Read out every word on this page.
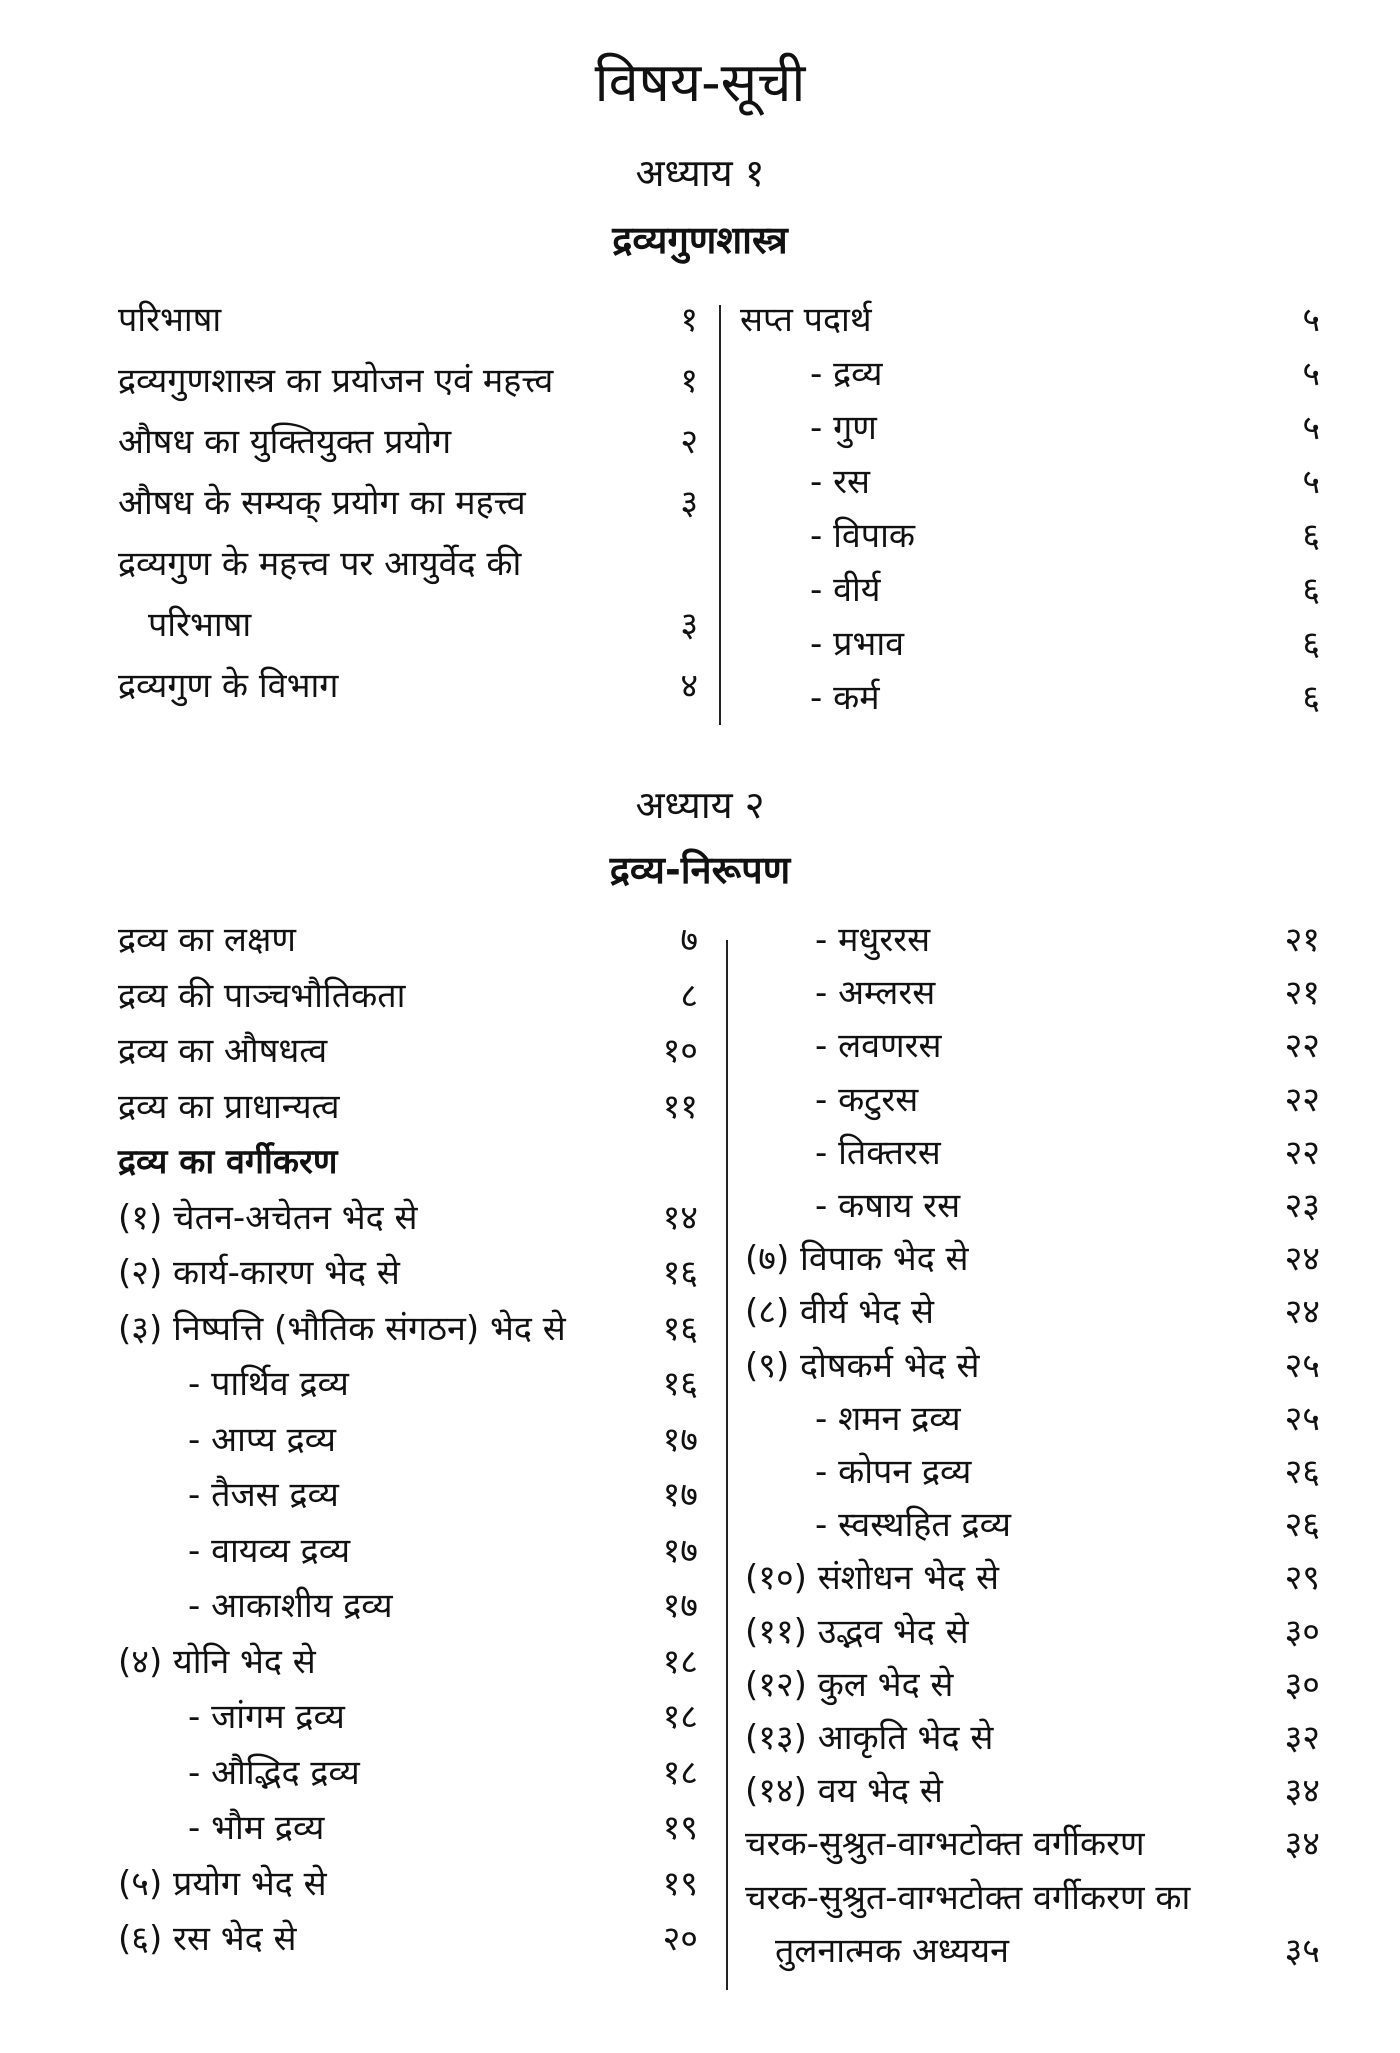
विषय-सूची
अध्याय १
द्रव्यगुणशास्त्र
परिभाषा	१
द्रव्यगुणशास्त्र का प्रयोजन एवं महत्त्व	१
औषध का युक्तियुक्त प्रयोग	२
औषध के सम्यक् प्रयोग का महत्त्व	३
द्रव्यगुण के महत्त्व पर आयुर्वेद की
परिभाषा	३
द्रव्यगुण के विभाग	४
सप्त पदार्थ	५
- द्रव्य	५
- गुण	५
- रस	५
- विपाक	६
- वीर्य	६
- प्रभाव	६
- कर्म	६
अध्याय २
द्रव्य-निरूपण
द्रव्य का लक्षण	७
द्रव्य की पाञ्चभौतिकता	८
द्रव्य का औषधत्व	१०
द्रव्य का प्राधान्यत्व	११
द्रव्य का वर्गीकरण
(१) चेतन-अचेतन भेद से	१४
(२) कार्य-कारण भेद से	१६
(३) निष्पत्ति (भौतिक संगठन) भेद से	१६
- पार्थिव द्रव्य	१६
- आप्य द्रव्य	१७
- तैजस द्रव्य	१७
- वायव्य द्रव्य	१७
- आकाशीय द्रव्य	१७
(४) योनि भेद से	१८
- जांगम द्रव्य	१८
- औद्भिद द्रव्य	१८
- भौम द्रव्य	१९
(५) प्रयोग भेद से	१९
(६) रस भेद से	२०
- मधुररस	२१
- अम्लरस	२१
- लवणरस	२२
- कटुरस	२२
- तिक्तरस	२२
- कषाय रस	२३
(७) विपाक भेद से	२४
(८) वीर्य भेद से	२४
(९) दोषकर्म भेद से	२५
- शमन द्रव्य	२५
- कोपन द्रव्य	२६
- स्वस्थहित द्रव्य	२६
(१०) संशोधन भेद से	२९
(११) उद्भव भेद से	३०
(१२) कुल भेद से	३०
(१३) आकृति भेद से	३२
(१४) वय भेद से	३४
चरक-सुश्रुत-वाग्भटोक्त वर्गीकरण	३४
चरक-सुश्रुत-वाग्भटोक्त वर्गीकरण का
तुलनात्मक अध्ययन	३५
